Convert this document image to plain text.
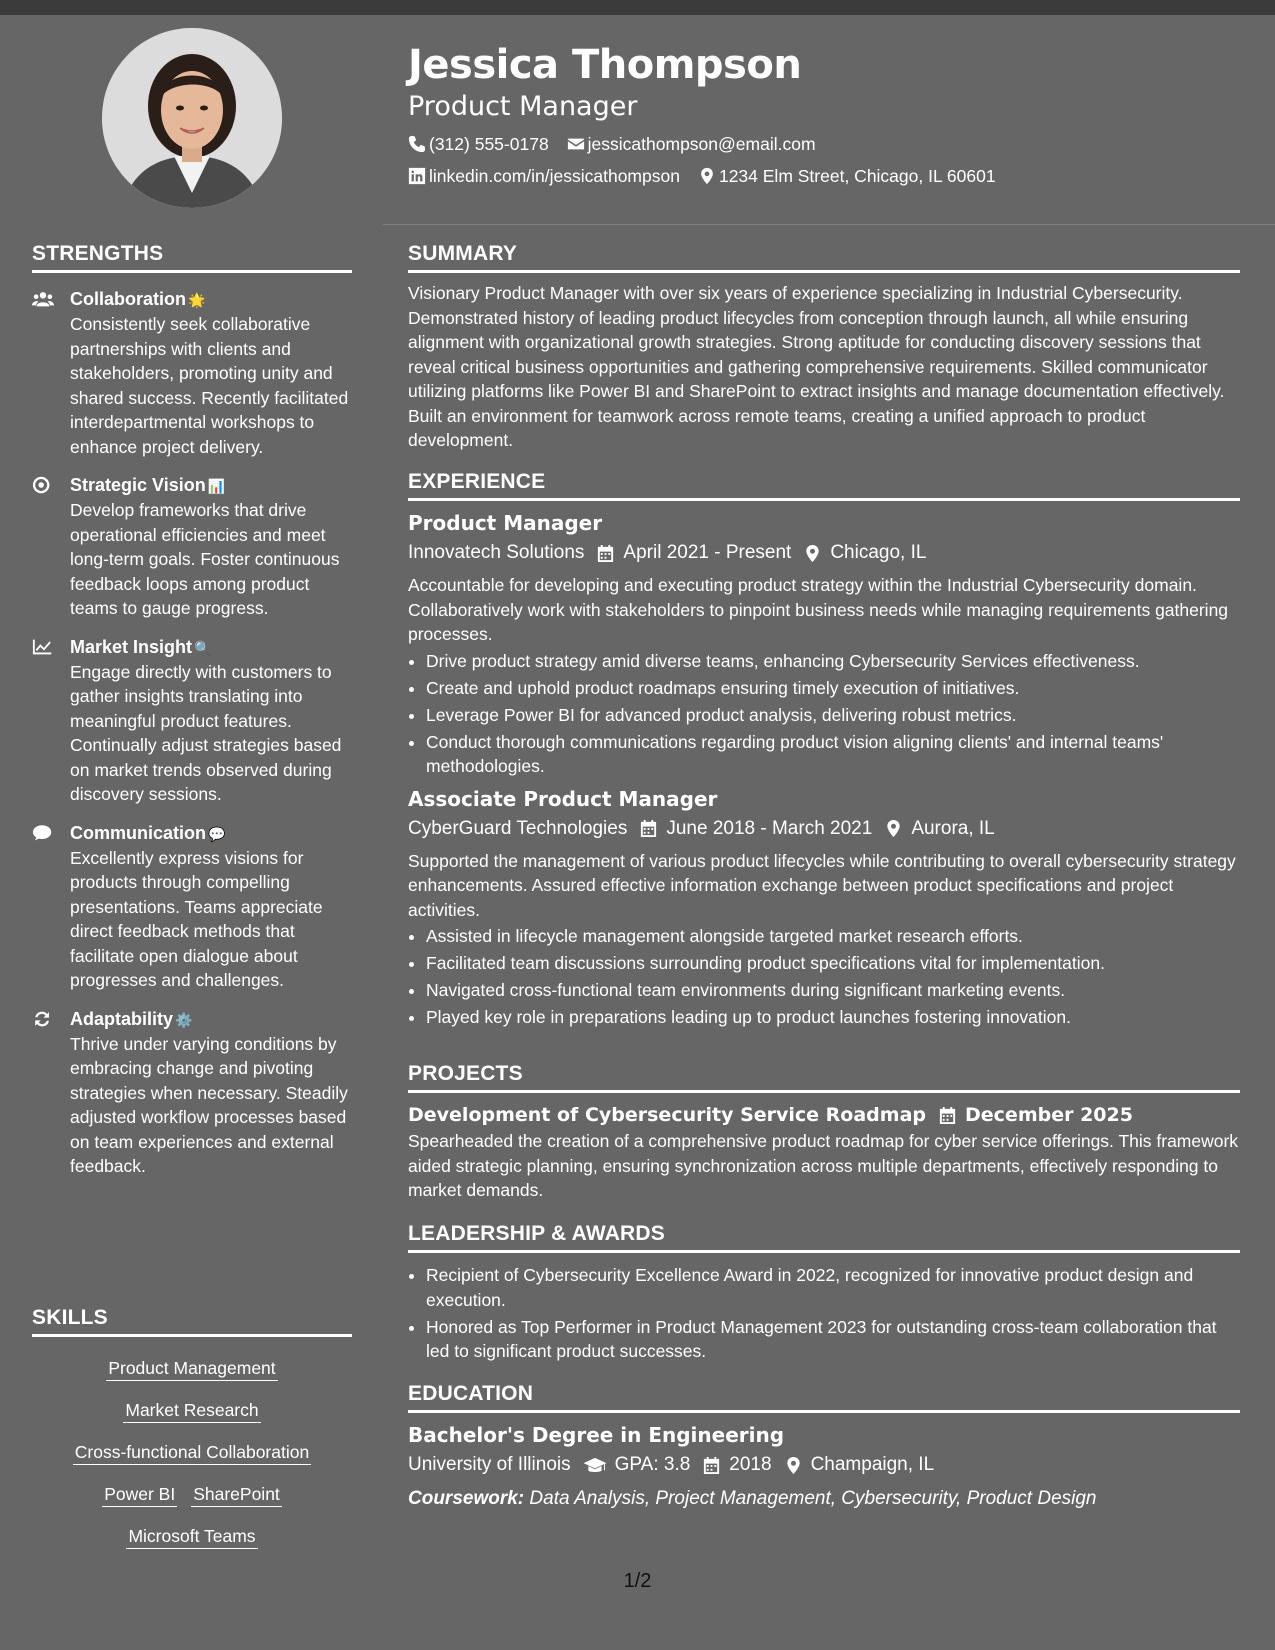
STRENGTHS
Collaboration 🌟
Consistently seek collaborative partnerships with clients and stakeholders, promoting unity and shared success. Recently facilitated interdepartmental workshops to enhance project delivery.
Strategic Vision 📊
Develop frameworks that drive operational efficiencies and meet long-term goals. Foster continuous feedback loops among product teams to gauge progress.
Market Insight 🔍
Engage directly with customers to gather insights translating into meaningful product features. Continually adjust strategies based on market trends observed during discovery sessions.
Communication 💬
Excellently express visions for products through compelling presentations. Teams appreciate direct feedback methods that facilitate open dialogue about progresses and challenges.
Adaptability ⚙️
Thrive under varying conditions by embracing change and pivoting strategies when necessary. Steadily adjusted workflow processes based on team experiences and external feedback.
SKILLS
Product Management
Market Research
Cross-functional Collaboration
Power BI SharePoint
Microsoft Teams
Jessica Thompson
Product Manager
(312) 555-0178 jessicathompson@email.com
linkedin.com/in/jessicathompson 1234 Elm Street, Chicago, IL 60601
SUMMARY
Visionary Product Manager with over six years of experience specializing in Industrial Cybersecurity. Demonstrated history of leading product lifecycles from conception through launch, all while ensuring alignment with organizational growth strategies. Strong aptitude for conducting discovery sessions that reveal critical business opportunities and gathering comprehensive requirements. Skilled communicator utilizing platforms like Power BI and SharePoint to extract insights and manage documentation effectively. Built an environment for teamwork across remote teams, creating a unified approach to product development.
EXPERIENCE
Product Manager
Innovatech Solutions April 2021 - Present Chicago, IL
Accountable for developing and executing product strategy within the Industrial Cybersecurity domain. Collaboratively work with stakeholders to pinpoint business needs while managing requirements gathering processes.
• Drive product strategy amid diverse teams, enhancing Cybersecurity Services effectiveness.
• Create and uphold product roadmaps ensuring timely execution of initiatives.
• Leverage Power BI for advanced product analysis, delivering robust metrics.
• Conduct thorough communications regarding product vision aligning clients' and internal teams' methodologies.
Associate Product Manager
CyberGuard Technologies June 2018 - March 2021 Aurora, IL
Supported the management of various product lifecycles while contributing to overall cybersecurity strategy enhancements. Assured effective information exchange between product specifications and project activities.
• Assisted in lifecycle management alongside targeted market research efforts.
• Facilitated team discussions surrounding product specifications vital for implementation.
• Navigated cross-functional team environments during significant marketing events.
• Played key role in preparations leading up to product launches fostering innovation.
PROJECTS
Development of Cybersecurity Service Roadmap December 2025
Spearheaded the creation of a comprehensive product roadmap for cyber service offerings. This framework aided strategic planning, ensuring synchronization across multiple departments, effectively responding to market demands.
LEADERSHIP & AWARDS
• Recipient of Cybersecurity Excellence Award in 2022, recognized for innovative product design and execution.
• Honored as Top Performer in Product Management 2023 for outstanding cross-team collaboration that led to significant product successes.
EDUCATION
Bachelor's Degree in Engineering
University of Illinois GPA: 3.8 2018 Champaign, IL
Coursework: Data Analysis, Project Management, Cybersecurity, Product Design
1/2
